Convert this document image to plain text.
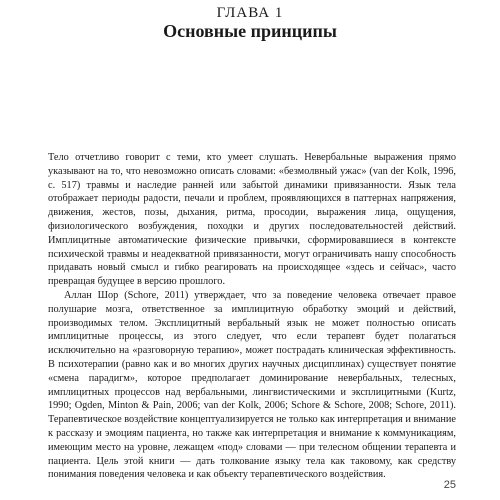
ГЛАВА 1
Основные принципы

Тело отчетливо говорит с теми, кто умеет слушать. Невербальные выражения прямо указывают на то, что невозможно описать словами: «безмолвный ужас» (van der Kolk, 1996, с. 517) травмы и наследие ранней или забытой динамики привязанности. Язык тела отображает периоды радости, печали и проблем, проявляющихся в паттернах напряжения, движения, жестов, позы, дыхания, ритма, просодии, выражения лица, ощущения, физиологического возбуждения, походки и других последовательностей действий. Имплицитные автоматические физические привычки, сформировавшиеся в контексте психической травмы и неадекватной привязанности, могут ограничивать нашу способность придавать новый смысл и гибко реагировать на происходящее «здесь и сейчас», часто превращая будущее в версию прошлого.

Аллан Шор (Schore, 2011) утверждает, что за поведение человека отвечает правое полушарие мозга, ответственное за имплицитную обработку эмоций и действий, производимых телом. Эксплицитный вербальный язык не может полностью описать имплицитные процессы, из этого следует, что если терапевт будет полагаться исключительно на «разговорную терапию», может пострадать клиническая эффективность. В психотерапии (равно как и во многих других научных дисциплинах) существует понятие «смена парадигм», которое предполагает доминирование невербальных, телесных, имплицитных процессов над вербальными, лингвистическими и эксплицитными (Kurtz, 1990; Ogden, Minton & Pain, 2006; van der Kolk, 2006; Schore & Schore, 2008; Schore, 2011). Терапевтическое воздействие концептуализируется не только как интерпретация и внимание к рассказу и эмоциям пациента, но также как интерпретация и внимание к коммуникациям, имеющим место на уровне, лежащем «под» словами — при телесном общении терапевта и пациента. Цель этой книги — дать толкование языку тела как таковому, как средству понимания поведения человека и как объекту терапевтического воздействия.

25
